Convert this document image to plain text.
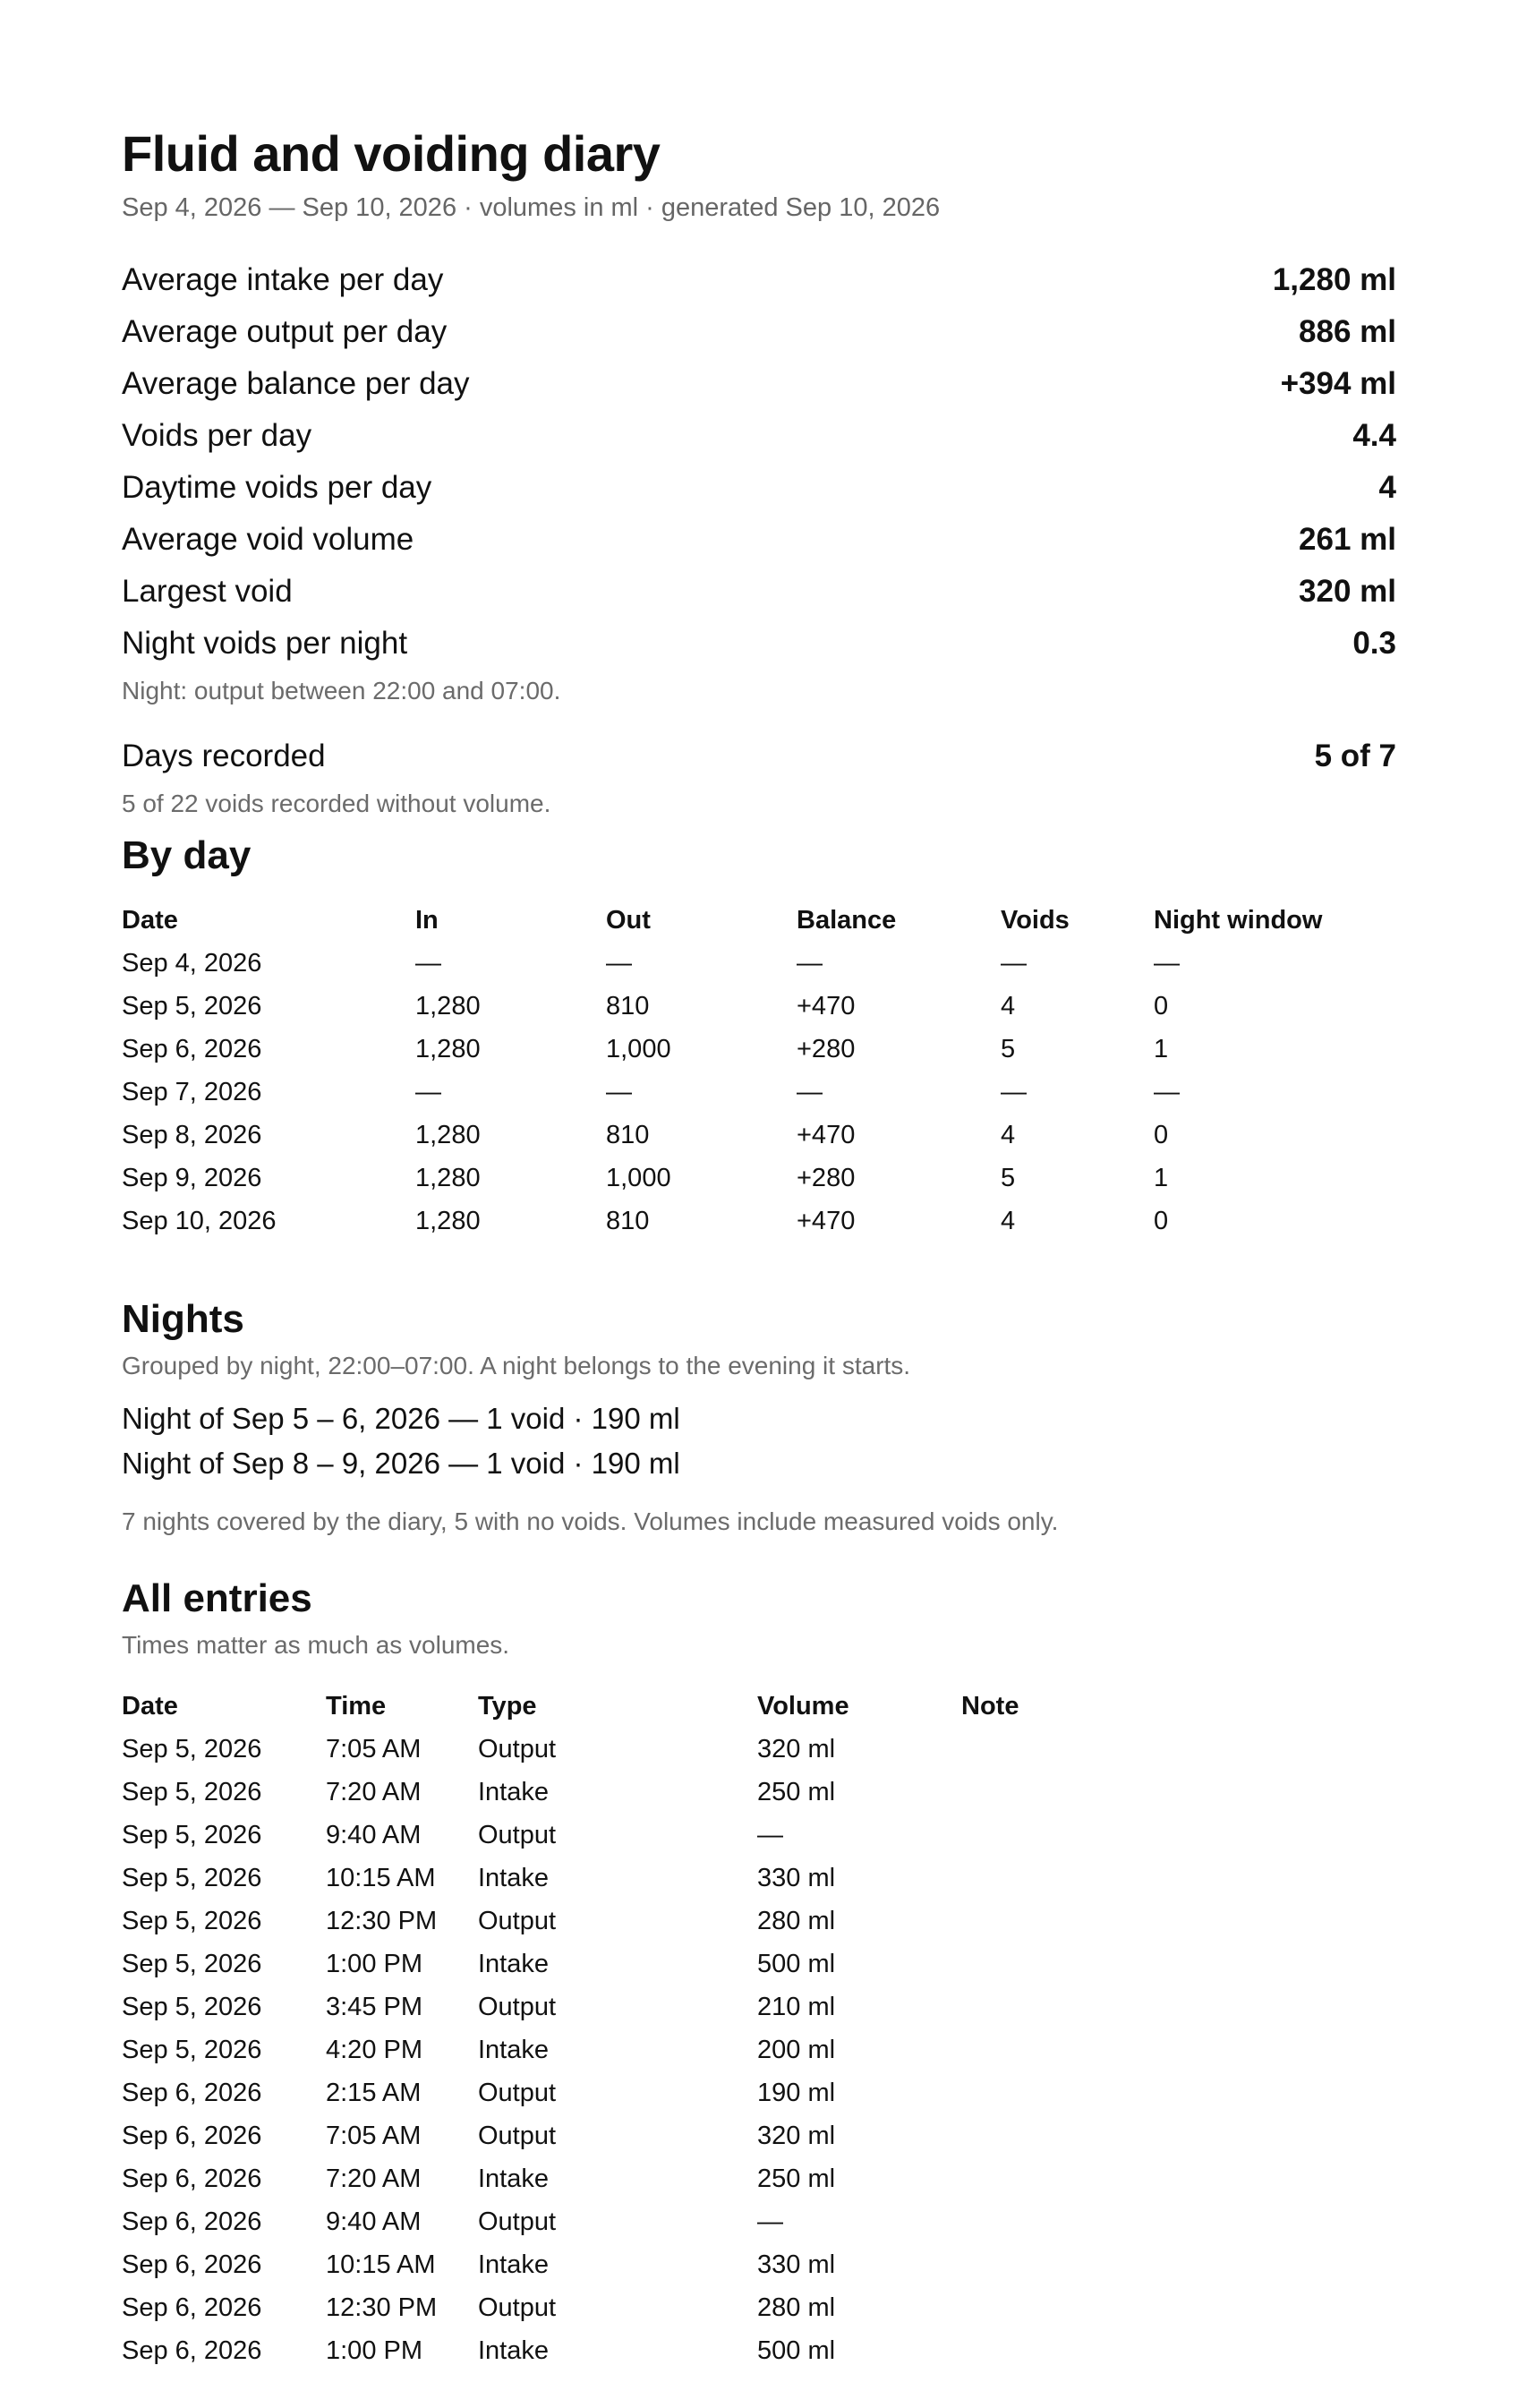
Fluid and voiding diary
Sep 4, 2026 — Sep 10, 2026 · volumes in ml · generated Sep 10, 2026
Average intake per day	1,280 ml
Average output per day	886 ml
Average balance per day	+394 ml
Voids per day	4.4
Daytime voids per day	4
Average void volume	261 ml
Largest void	320 ml
Night voids per night	0.3
Night: output between 22:00 and 07:00.
Days recorded	5 of 7
5 of 22 voids recorded without volume.
By day
Date	In	Out	Balance	Voids	Night window
Sep 4, 2026	—	—	—	—	—
Sep 5, 2026	1,280	810	+470	4	0
Sep 6, 2026	1,280	1,000	+280	5	1
Sep 7, 2026	—	—	—	—	—
Sep 8, 2026	1,280	810	+470	4	0
Sep 9, 2026	1,280	1,000	+280	5	1
Sep 10, 2026	1,280	810	+470	4	0
Nights
Grouped by night, 22:00–07:00. A night belongs to the evening it starts.
Night of Sep 5 – 6, 2026 — 1 void · 190 ml
Night of Sep 8 – 9, 2026 — 1 void · 190 ml
7 nights covered by the diary, 5 with no voids. Volumes include measured voids only.
All entries
Times matter as much as volumes.
Date	Time	Type	Volume	Note
Sep 5, 2026	7:05 AM	Output	320 ml	
Sep 5, 2026	7:20 AM	Intake	250 ml	
Sep 5, 2026	9:40 AM	Output	—	
Sep 5, 2026	10:15 AM	Intake	330 ml	
Sep 5, 2026	12:30 PM	Output	280 ml	
Sep 5, 2026	1:00 PM	Intake	500 ml	
Sep 5, 2026	3:45 PM	Output	210 ml	
Sep 5, 2026	4:20 PM	Intake	200 ml	
Sep 6, 2026	2:15 AM	Output	190 ml	
Sep 6, 2026	7:05 AM	Output	320 ml	
Sep 6, 2026	7:20 AM	Intake	250 ml	
Sep 6, 2026	9:40 AM	Output	—	
Sep 6, 2026	10:15 AM	Intake	330 ml	
Sep 6, 2026	12:30 PM	Output	280 ml	
Sep 6, 2026	1:00 PM	Intake	500 ml	
